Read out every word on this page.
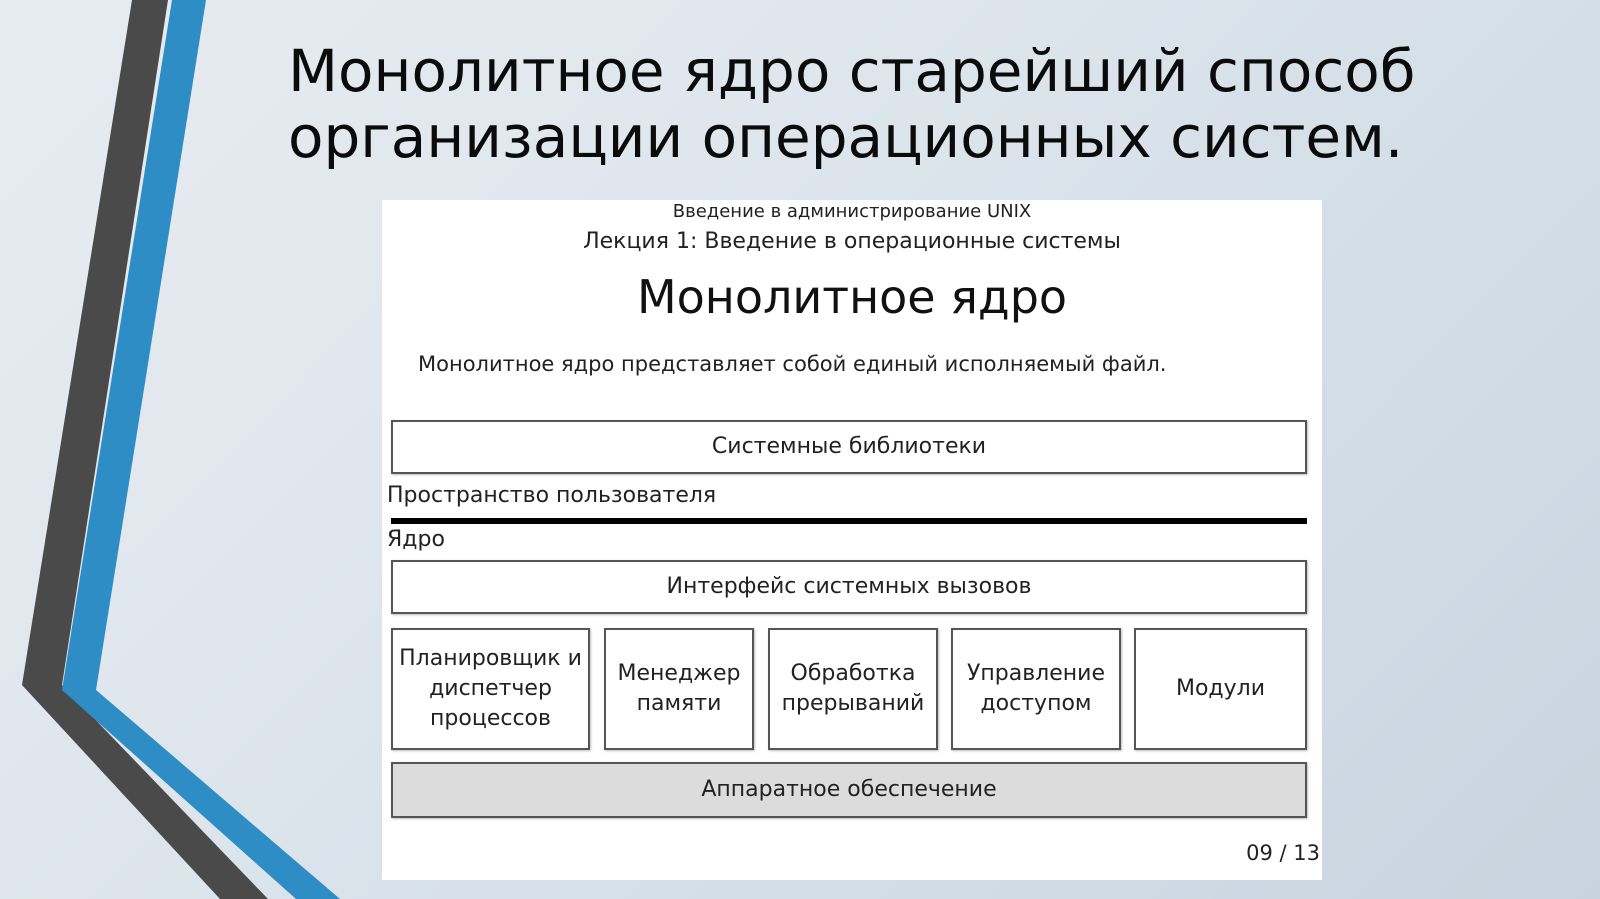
Монолитное ядро старейший способ организации операционных систем.
Введение в администрирование UNIX
Лекция 1: Введение в операционные системы
Монолитное ядро
Монолитное ядро представляет собой единый исполняемый файл.
Системные библиотеки
Пространство пользователя
Ядро
Интерфейс системных вызовов
Планировщик и диспетчер процессов
Менеджер памяти
Обработка прерываний
Управление доступом
Модули
Аппаратное обеспечение
09 / 13
